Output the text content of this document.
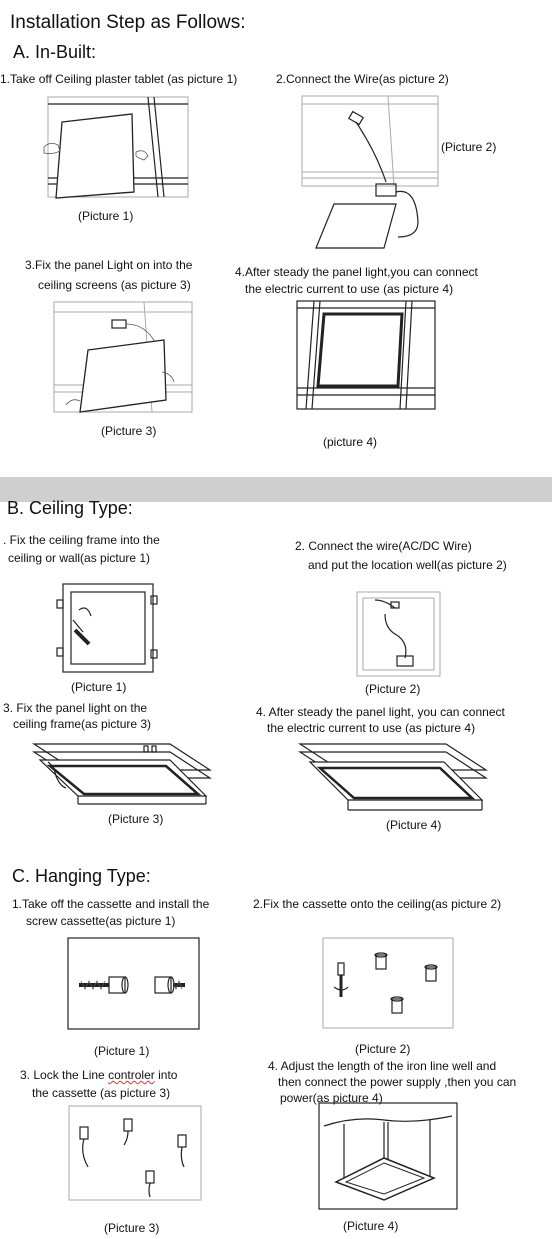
Installation Step as Follows:
A. In-Built:
1.Take off Ceiling plaster tablet (as picture 1)	2.Connect the Wire(as picture 2)
(Picture 1)
(Picture 2)
3.Fix the panel Light on into the
ceiling screens (as picture 3)
4.After steady the panel light,you can connect
the electric current to use (as picture 4)
(Picture 3)
(picture 4)
B. Ceiling Type:
. Fix the ceiling frame into the
ceiling or wall(as picture 1)
2. Connect the wire(AC/DC Wire)
and put the location well(as picture 2)
(Picture 1)	(Picture 2)
3. Fix the panel light on the
ceiling frame(as picture 3)
4. After steady the panel light, you can connect
the electric current to use (as picture 4)
(Picture 3)	(Picture 4)
C. Hanging Type:
1.Take off the cassette and install the
screw cassette(as picture 1)
2.Fix the cassette onto the ceiling(as picture 2)
(Picture 1)	(Picture 2)
3. Lock the Line controler into
the cassette (as picture 3)
4. Adjust the length of the iron line well and
then connect the power supply ,then you can
power(as picture 4)
(Picture 3)	(Picture 4)
